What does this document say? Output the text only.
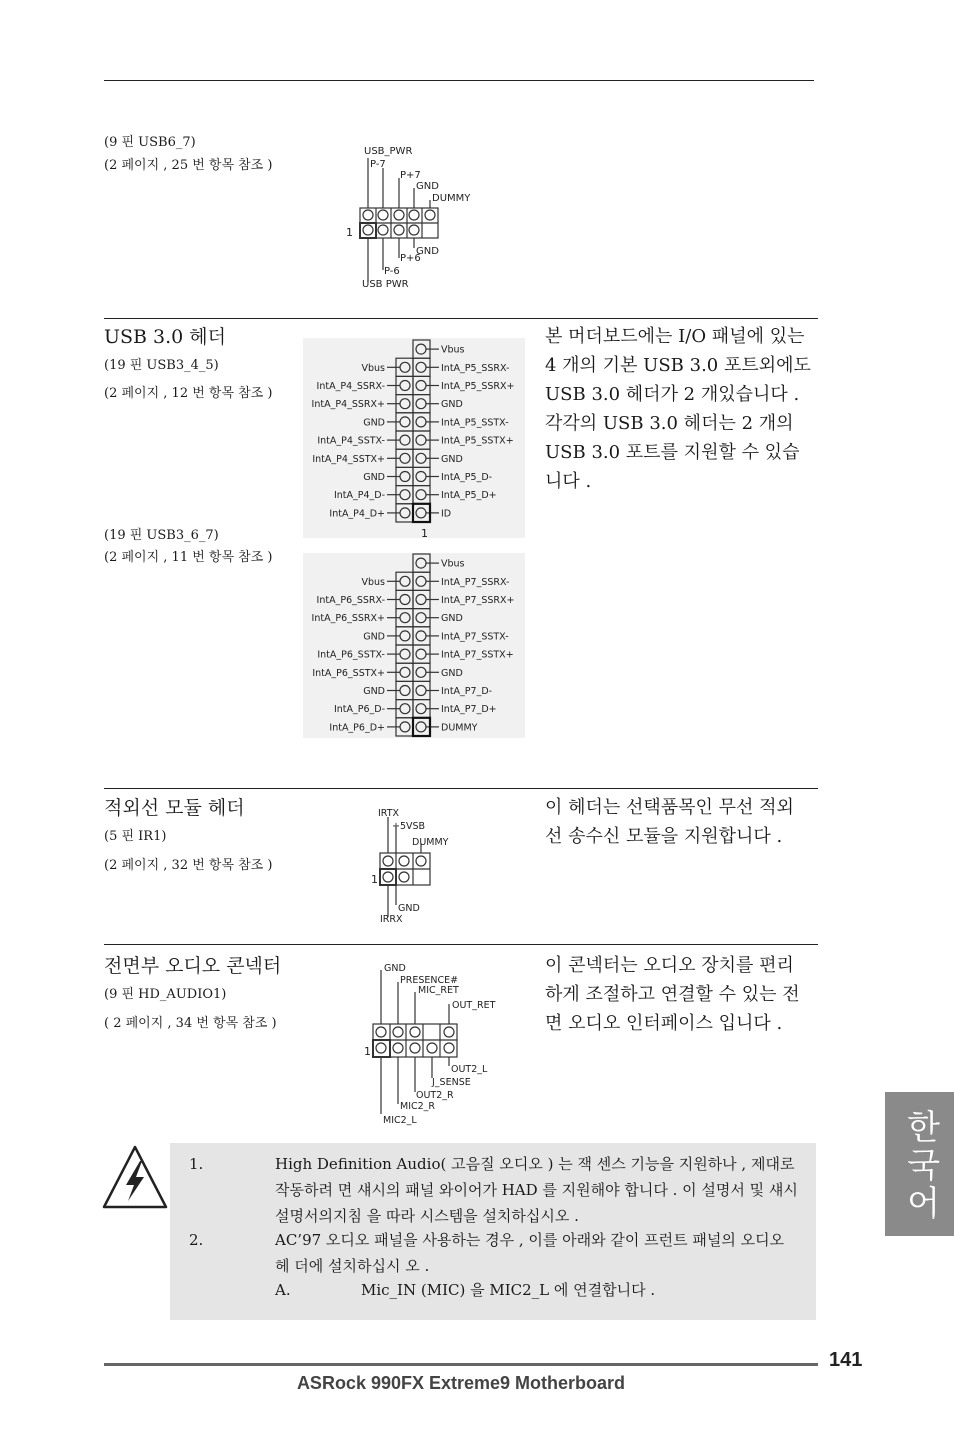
(9 핀 USB6_7)
(2 페이지 , 25 번 항목 참조 )
USB_PWR
P-7
P+7
GND
DUMMY
GND
P+6
P-6
USB PWR
1
USB 3.0 헤더
(19 핀 USB3_4_5)
(2 페이지 , 12 번 항목 참조 )
(19 핀 USB3_6_7)
(2 페이지 , 11 번 항목 참조 )
본 머더보드에는 I/O 패널에 있는 4 개의 기본 USB 3.0 포트외에도 USB 3.0 헤더가 2 개있습니다 . 각각의 USB 3.0 헤더는 2 개의 USB 3.0 포트를 지원할 수 있습니다 .
Vbus
IntA_P5_SSRX-
Vbus
IntA_P5_SSRX+
IntA_P4_SSRX-
GND
IntA_P4_SSRX+
IntA_P5_SSTX-
GND
IntA_P5_SSTX+
IntA_P4_SSTX-
GND
IntA_P4_SSTX+
IntA_P5_D-
GND
IntA_P5_D+
IntA_P4_D-
ID
IntA_P4_D+
1
Vbus
IntA_P7_SSRX-
Vbus
IntA_P7_SSRX+
IntA_P6_SSRX-
GND
IntA_P6_SSRX+
IntA_P7_SSTX-
GND
IntA_P7_SSTX+
IntA_P6_SSTX-
GND
IntA_P6_SSTX+
IntA_P7_D-
GND
IntA_P7_D+
IntA_P6_D-
DUMMY
IntA_P6_D+
적외선 모듈 헤더
(5 핀 IR1)
(2 페이지 , 32 번 항목 참조 )
이 헤더는 선택품목인 무선 적외선 송수신 모듈을 지원합니다 .
IRTX
+5VSB
DUMMY
GND
IRRX
1
전면부 오디오 콘넥터
(9 핀 HD_AUDIO1)
( 2 페이지 , 34 번 항목 참조 )
이 콘넥터는 오디오 장치를 편리하게 조절하고 연결할 수 있는 전면 오디오 인터페이스 입니다 .
GND
PRESENCE#
MIC_RET
OUT_RET
OUT2_L
J_SENSE
OUT2_R
MIC2_R
MIC2_L
1
1.	High Definition Audio( 고음질 오디오 ) 는 잭 센스 기능을 지원하나 , 제대로작동하려 면 섀시의 패널 와이어가 HAD 를 지원해야 합니다 . 이 설명서 및 섀시 설명서의지침 을 따라 시스템을 설치하십시오 .
2.	AC’97 오디오 패널을 사용하는 경우 , 이를 아래와 같이 프런트 패널의 오디오헤 더에 설치하십시 오 .
A.	Mic_IN (MIC) 을 MIC2_L 에 연결합니다 .
한국어
141
ASRock 990FX Extreme9 Motherboard
